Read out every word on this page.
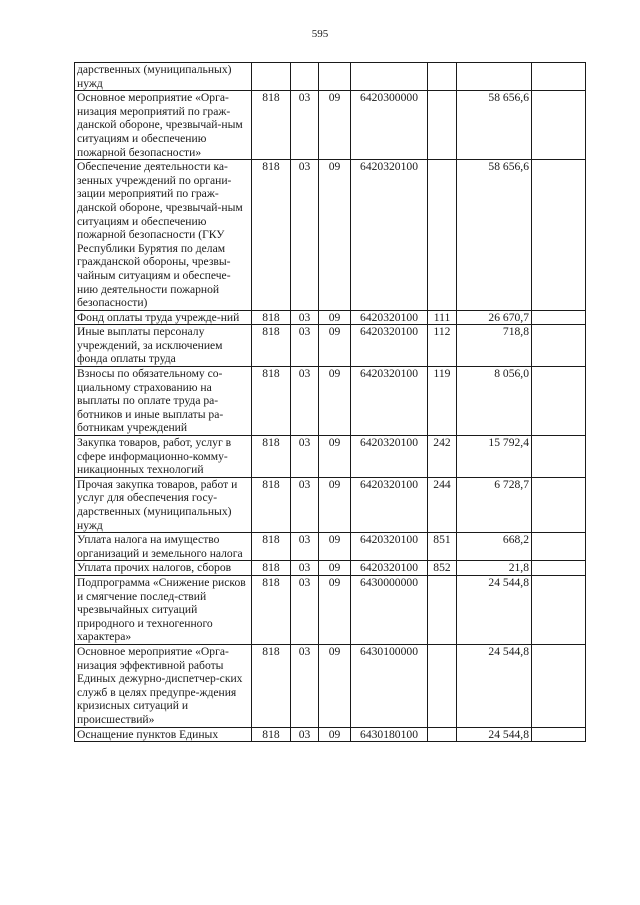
595
дарственных (муниципальных) нужд							
Основное мероприятие «Орга-низация мероприятий по граж-данской обороне, чрезвычай-ным ситуациям и обеспечению пожарной безопасности»	818	03	09	6420300000		58 656,6	
Обеспечение деятельности ка-зенных учреждений по органи-зации мероприятий по граж-данской обороне, чрезвычай-ным ситуациям и обеспечению пожарной безопасности (ГКУ Республики Бурятия по делам гражданской обороны, чрезвы-чайным ситуациям и обеспече-нию деятельности пожарной безопасности)	818	03	09	6420320100		58 656,6	
Фонд оплаты труда учрежде-ний	818	03	09	6420320100	111	26 670,7	
Иные выплаты персоналу учреждений, за исключением фонда оплаты труда	818	03	09	6420320100	112	718,8	
Взносы по обязательному со-циальному страхованию на выплаты по оплате труда ра-ботников и иные выплаты ра-ботникам учреждений	818	03	09	6420320100	119	8 056,0	
Закупка товаров, работ, услуг в сфере информационно-комму-никационных технологий	818	03	09	6420320100	242	15 792,4	
Прочая закупка товаров, работ и услуг для обеспечения госу-дарственных (муниципальных) нужд	818	03	09	6420320100	244	6 728,7	
Уплата налога на имущество организаций и земельного налога	818	03	09	6420320100	851	668,2	
Уплата прочих налогов, сборов	818	03	09	6420320100	852	21,8	
Подпрограмма «Снижение рисков и смягчение послед-ствий чрезвычайных ситуаций природного и техногенного характера»	818	03	09	6430000000		24 544,8	
Основное мероприятие «Орга-низация эффективной работы Единых дежурно-диспетчер-ских служб в целях предупре-ждения кризисных ситуаций и происшествий»	818	03	09	6430100000		24 544,8	
Оснащение пунктов Единых	818	03	09	6430180100		24 544,8	
